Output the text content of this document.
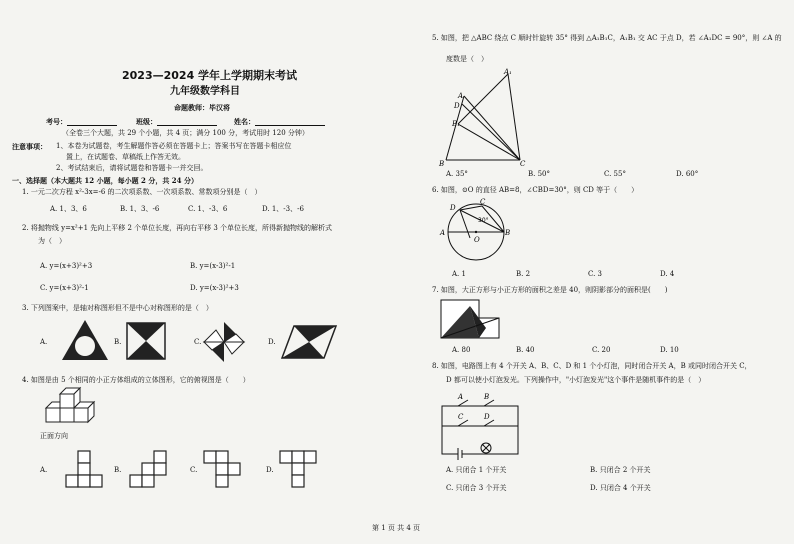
2023—2024 学年上学期期末考试
九年级数学科目
命题教师：毕汉将
考号：	班级：	姓名：
（全卷三个大题，共 29 个小题，共 4 页；满分 100 分，考试用时 120 分钟）
注意事项： 1、本卷为试题卷，考生解题作答必须在答题卡上；答案书写在答题卡相应位
置上，在试题卷、草稿纸上作答无效。
2、考试结束后，请将试题卷和答题卡一并交回。
一、选择题（本大题共 12 小题，每小题 2 分，共 24 分）
1. 一元二次方程 x²-3x=-6 的二次项系数、一次项系数、常数项分别是（　）
A. 1、3、6	B. 1、3、-6	C. 1、-3、6	D. 1、-3、-6
2. 将抛物线 y=x²+1 先向上平移 2 个单位长度，再向右平移 3 个单位长度，所得新抛物线的解析式
为（　）
A. y=(x+3)²+3	B. y=(x-3)²-1
C. y=(x+3)²-1	D. y=(x-3)²+3
3. 下列图案中，是轴对称图形但不是中心对称图形的是（　）
A.	B.	C.	D.
4. 如图是由 5 个相同的小正方体组成的立体图形，它的俯视图是（　　）
正面方向
A.	B.	C.	D.
5. 如图，把 △ABC 绕点 C 顺时针旋转 35° 得到 △A₁B₁C，A₁B₁ 交 AC 于点 D，若 ∠A₁DC = 90°，则 ∠A 的
度数是（　）
A₁
A
D
B₁
B	C
A. 35°	B. 50°	C. 55°	D. 60°
6. 如图，⊙O 的直径 AB=8，∠CBD=30°，则 CD 等于（　　）
C
D
A	B
O
30°
A. 1	B. 2	C. 3	D. 4
7. 如图，大正方形与小正方形的面积之差是 40，则阴影部分的面积是(　　)
A. 80	B. 40	C. 20	D. 10
8. 如图，电路图上有 4 个开关 A、B、C、D 和 1 个小灯泡，同时闭合开关 A，B 或同时闭合开关 C，
D 都可以使小灯泡发光。下列操作中，"小灯泡发光"这个事件是随机事件的是（　）
A	B
C	D
A. 只闭合 1 个开关	B. 只闭合 2 个开关
C. 只闭合 3 个开关	D. 只闭合 4 个开关
第 1 页 共 4 页
